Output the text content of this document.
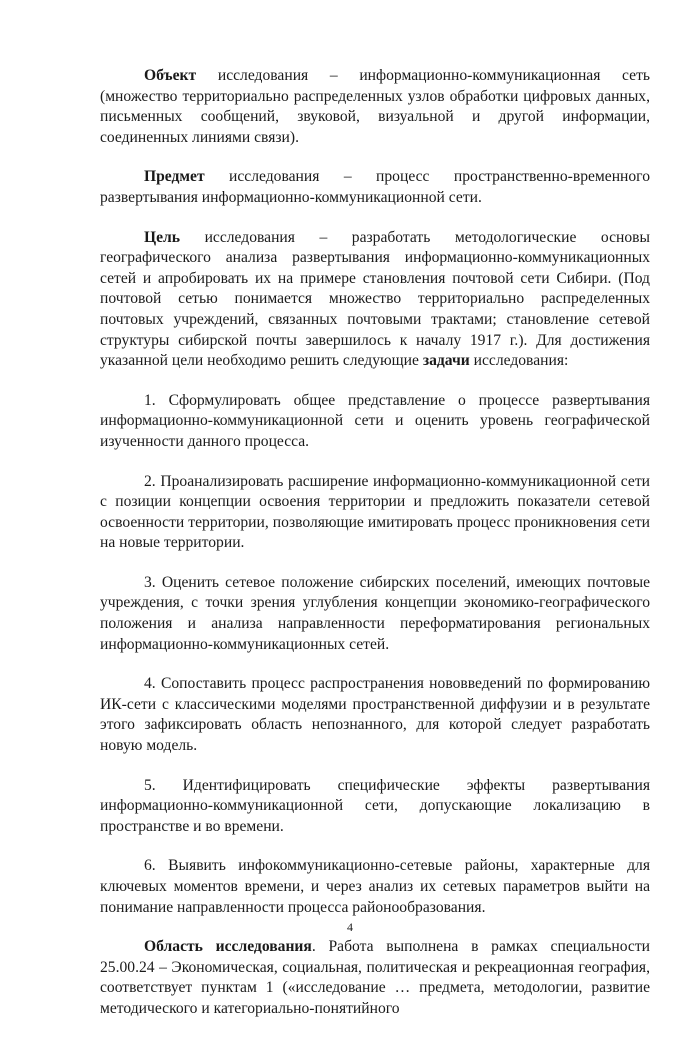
Объект исследования – информационно-коммуникационная сеть (множество территориально распределенных узлов обработки цифровых данных, письменных сообщений, звуковой, визуальной и другой информации, соединенных линиями связи).

Предмет исследования – процесс пространственно-временного развертывания информационно-коммуникационной сети.

Цель исследования – разработать методологические основы географического анализа развертывания информационно-коммуникационных сетей и апробировать их на примере становления почтовой сети Сибири. (Под почтовой сетью понимается множество территориально распределенных почтовых учреждений, связанных почтовыми трактами; становление сетевой структуры сибирской почты завершилось к началу 1917 г.). Для достижения указанной цели необходимо решить следующие задачи исследования:

1. Сформулировать общее представление о процессе развертывания информационно-коммуникационной сети и оценить уровень географической изученности данного процесса.

2. Проанализировать расширение информационно-коммуникационной сети с позиции концепции освоения территории и предложить показатели сетевой освоенности территории, позволяющие имитировать процесс проникновения сети на новые территории.

3. Оценить сетевое положение сибирских поселений, имеющих почтовые учреждения, с точки зрения углубления концепции экономико-географического положения и анализа направленности переформатирования региональных информационно-коммуникационных сетей.

4. Сопоставить процесс распространения нововведений по формированию ИК-сети с классическими моделями пространственной диффузии и в результате этого зафиксировать область непознанного, для которой следует разработать новую модель.

5. Идентифицировать специфические эффекты развертывания информационно-коммуникационной сети, допускающие локализацию в пространстве и во времени.

6. Выявить инфокоммуникационно-сетевые районы, характерные для ключевых моментов времени, и через анализ их сетевых параметров выйти на понимание направленности процесса районообразования.

Область исследования. Работа выполнена в рамках специальности 25.00.24 – Экономическая, социальная, политическая и рекреационная география, соответствует пунктам 1 («исследование … предмета, методологии, развитие методического и категориально-понятийного

4
